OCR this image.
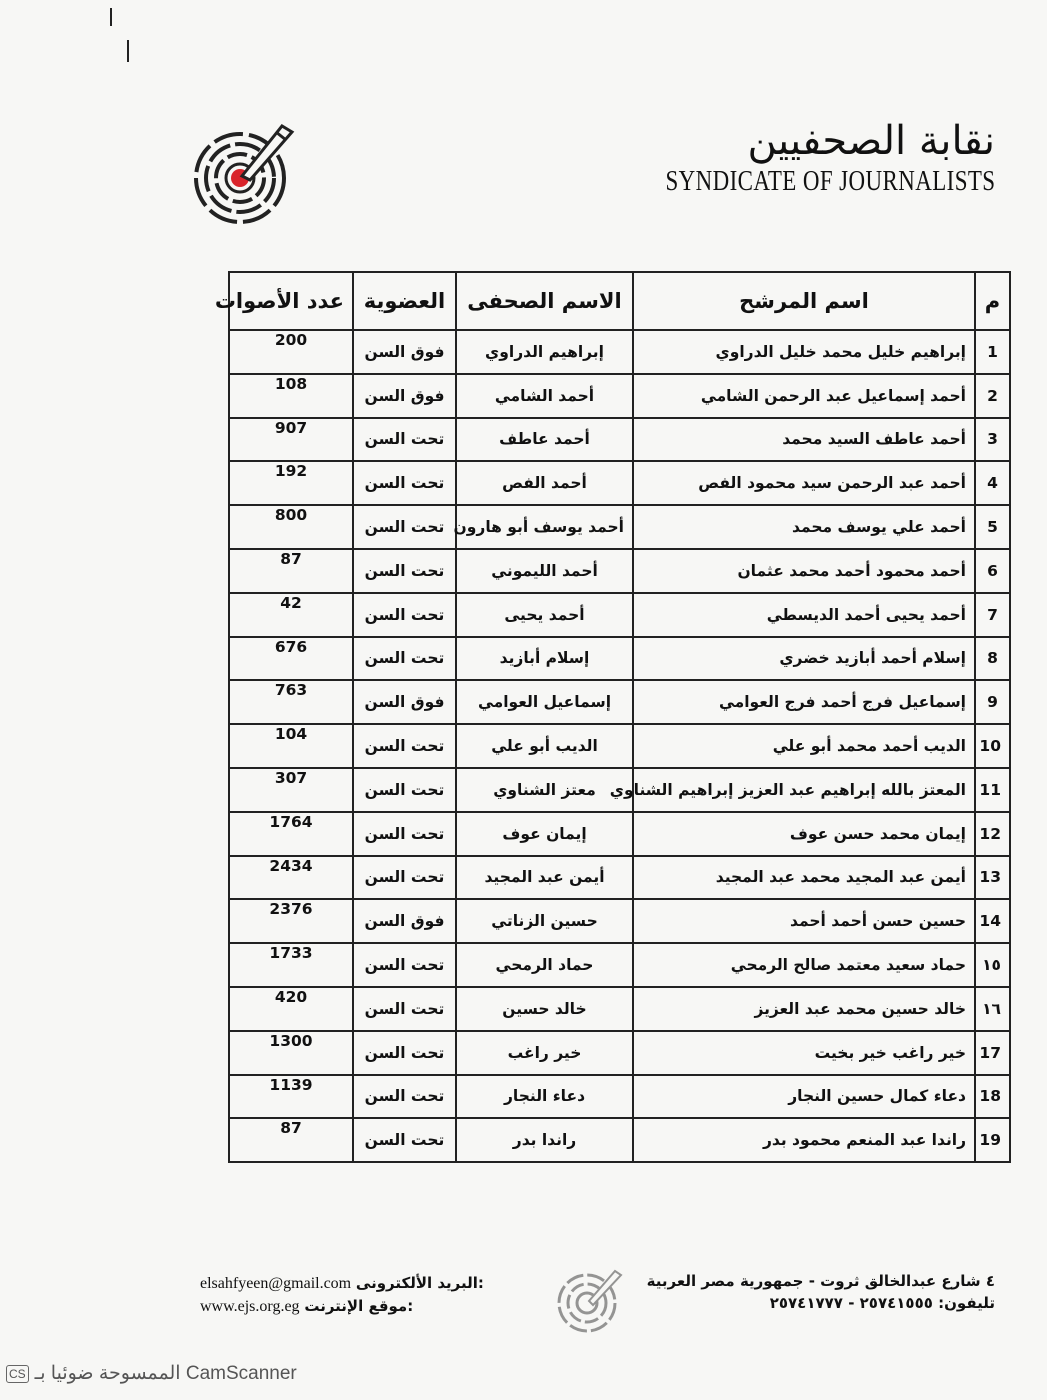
نقابة الصحفيين
SYNDICATE OF JOURNALISTS
م	اسم المرشح	الاسم الصحفى	العضوية	عدد الأصوات
1	إبراهيم خليل محمد خليل الدراوي	إبراهيم الدراوي	فوق السن	200
2	أحمد إسماعيل عبد الرحمن الشامي	أحمد الشامي	فوق السن	108
3	أحمد عاطف السيد محمد	أحمد عاطف	تحت السن	907
4	أحمد عبد الرحمن سيد محمود الفص	أحمد الفص	تحت السن	192
5	أحمد علي يوسف محمد	أحمد يوسف أبو هارون	تحت السن	800
6	أحمد محمود أحمد محمد عثمان	أحمد الليموني	تحت السن	87
7	أحمد يحيى أحمد الديسطي	أحمد يحيى	تحت السن	42
8	إسلام أحمد أبازيد خضري	إسلام أبازيد	تحت السن	676
9	إسماعيل فرج أحمد فرج العوامي	إسماعيل العوامي	فوق السن	763
10	الديب أحمد محمد أبو علي	الديب أبو علي	تحت السن	104
11	المعتز بالله إبراهيم عبد العزيز إبراهيم الشناوي	معتز الشناوي	تحت السن	307
12	إيمان محمد حسن عوف	إيمان عوف	تحت السن	1764
13	أيمن عبد المجيد محمد عبد المجيد	أيمن عبد المجيد	تحت السن	2434
14	حسين حسن أحمد أحمد	حسين الزناتي	فوق السن	2376
١٥	حماد سعيد معتمد صالح الرمحي	حماد الرمحي	تحت السن	1733
١٦	خالد حسين محمد عبد العزيز	خالد حسين	تحت السن	420
17	خير راغب خير بخيت	خير راغب	تحت السن	1300
18	دعاء كمال حسين النجار	دعاء النجار	تحت السن	1139
19	راندا عبد المنعم محمود بدر	راندا بدر	تحت السن	87
٤ شارع عبدالخالق ثروت - جمهورية مصر العربية
تليفون: ٢٥٧٤١٥٥٥ - ٢٥٧٤١٧٧٧
elsahfyeen@gmail.com البريد الألكترونى:
www.ejs.org.eg موقع الإنترنت:
CS الممسوحة ضوئيا بـ CamScanner
